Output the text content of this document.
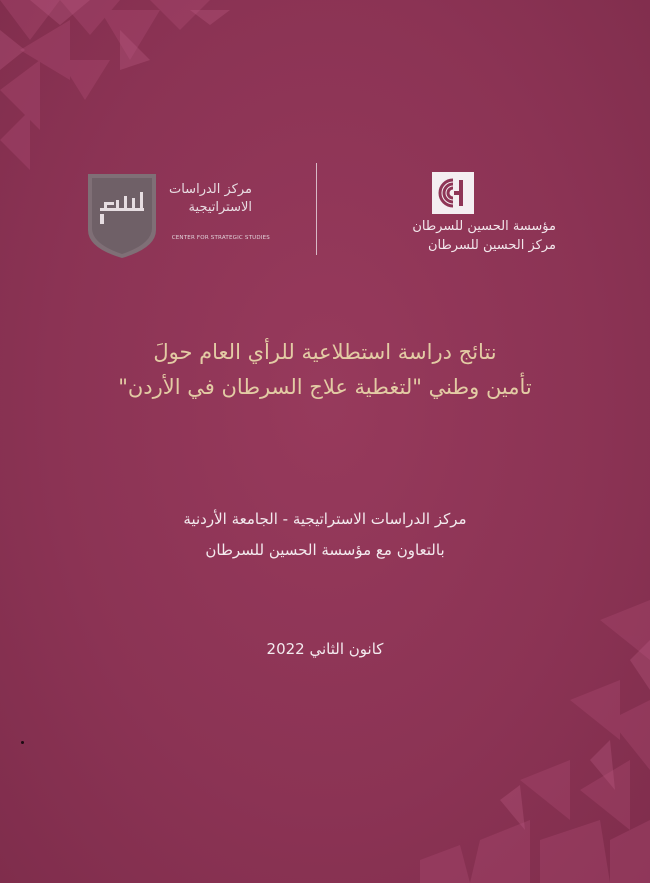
مؤسسة الحسين للسرطان
مركز الحسين للسرطان
مركز الدراسات
الاستراتيجية
CENTER FOR STRATEGIC STUDIES
نتائج دراسة استطلاعية للرأي العام حولَ
تأمين وطني "لتغطية علاج السرطان في الأردن"
مركز الدراسات الاستراتيجية - الجامعة الأردنية
بالتعاون مع مؤسسة الحسين للسرطان
كانون الثاني 2022
